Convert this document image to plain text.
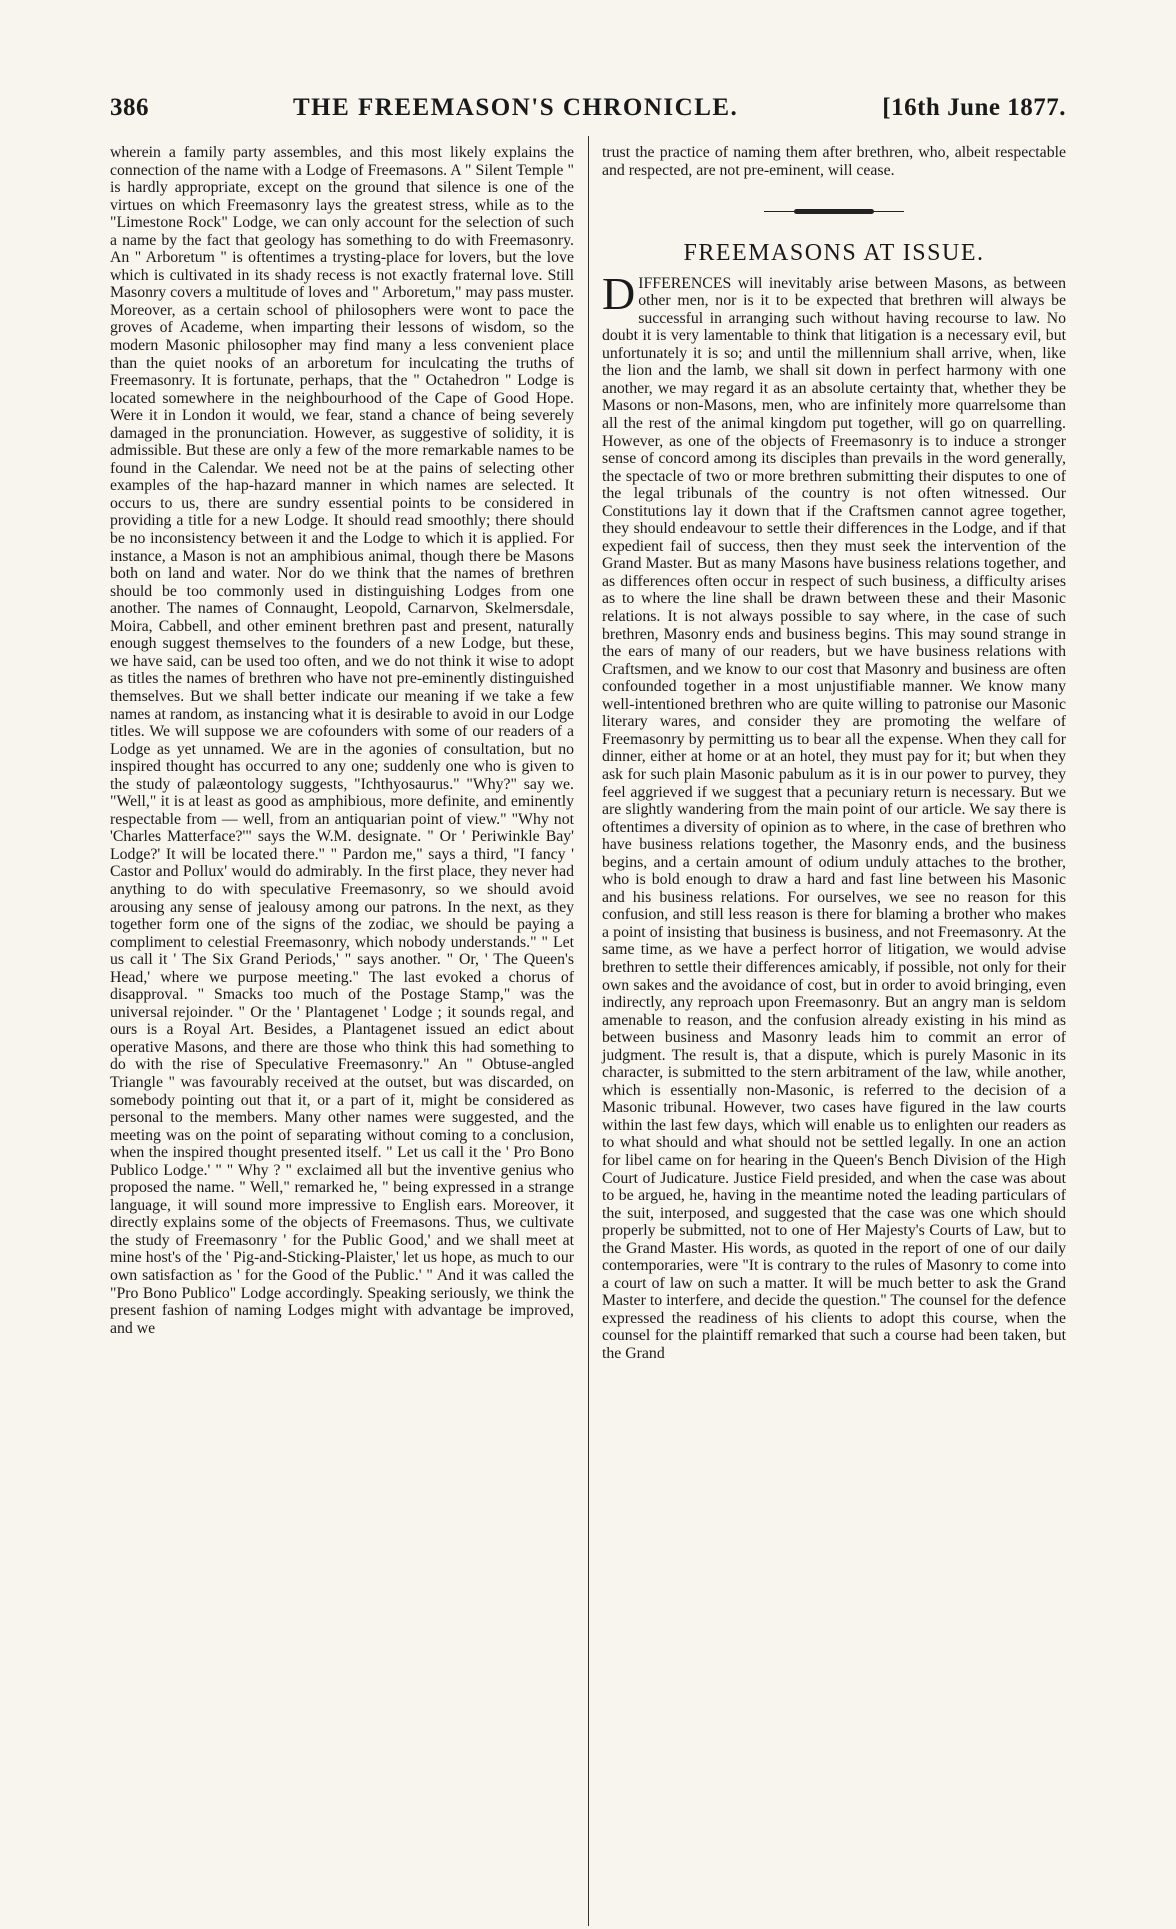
386	THE FREEMASON'S CHRONICLE.	[16th June 1877.

wherein a family party assembles, and this most likely explains the connection of the name with a Lodge of Freemasons. A " Silent Temple " is hardly appropriate, except on the ground that silence is one of the virtues on which Freemasonry lays the greatest stress, while as to the "Limestone Rock" Lodge, we can only account for the selection of such a name by the fact that geology has something to do with Freemasonry. An " Arboretum " is oftentimes a trysting-place for lovers, but the love which is cultivated in its shady recess is not exactly fraternal love. Still Masonry covers a multitude of loves and " Arboretum," may pass muster. Moreover, as a certain school of philosophers were wont to pace the groves of Academe, when imparting their lessons of wisdom, so the modern Masonic philosopher may find many a less convenient place than the quiet nooks of an arboretum for inculcating the truths of Freemasonry. It is fortunate, perhaps, that the " Octahedron " Lodge is located somewhere in the neighbourhood of the Cape of Good Hope. Were it in London it would, we fear, stand a chance of being severely damaged in the pronunciation. However, as suggestive of solidity, it is admissible. But these are only a few of the more remarkable names to be found in the Calendar. We need not be at the pains of selecting other examples of the hap-hazard manner in which names are selected. It occurs to us, there are sundry essential points to be considered in providing a title for a new Lodge. It should read smoothly; there should be no inconsistency between it and the Lodge to which it is applied. For instance, a Mason is not an amphibious animal, though there be Masons both on land and water. Nor do we think that the names of brethren should be too commonly used in distinguishing Lodges from one another. The names of Connaught, Leopold, Carnarvon, Skelmersdale, Moira, Cabbell, and other eminent brethren past and present, naturally enough suggest themselves to the founders of a new Lodge, but these, we have said, can be used too often, and we do not think it wise to adopt as titles the names of brethren who have not pre-eminently distinguished themselves. But we shall better indicate our meaning if we take a few names at random, as instancing what it is desirable to avoid in our Lodge titles. We will suppose we are cofounders with some of our readers of a Lodge as yet unnamed. We are in the agonies of consultation, but no inspired thought has occurred to any one; suddenly one who is given to the study of palæontology suggests, "Ichthyosaurus." "Why?" say we. "Well," it is at least as good as amphibious, more definite, and eminently respectable from — well, from an antiquarian point of view." "Why not 'Charles Matterface?'" says the W.M. designate. " Or ' Periwinkle Bay' Lodge?' It will be located there." " Pardon me," says a third, "I fancy ' Castor and Pollux' would do admirably. In the first place, they never had anything to do with speculative Freemasonry, so we should avoid arousing any sense of jealousy among our patrons. In the next, as they together form one of the signs of the zodiac, we should be paying a compliment to celestial Freemasonry, which nobody understands." " Let us call it ' The Six Grand Periods,' " says another. " Or, ' The Queen's Head,' where we purpose meeting." The last evoked a chorus of disapproval. " Smacks too much of the Postage Stamp," was the universal rejoinder. " Or the ' Plantagenet ' Lodge ; it sounds regal, and ours is a Royal Art. Besides, a Plantagenet issued an edict about operative Masons, and there are those who think this had something to do with the rise of Speculative Freemasonry." An " Obtuse-angled Triangle " was favourably received at the outset, but was discarded, on somebody pointing out that it, or a part of it, might be considered as personal to the members. Many other names were suggested, and the meeting was on the point of separating without coming to a conclusion, when the inspired thought presented itself. " Let us call it the ' Pro Bono Publico Lodge.' " " Why ? " exclaimed all but the inventive genius who proposed the name. " Well," remarked he, " being expressed in a strange language, it will sound more impressive to English ears. Moreover, it directly explains some of the objects of Freemasons. Thus, we cultivate the study of Freemasonry ' for the Public Good,' and we shall meet at mine host's of the ' Pig-and-Sticking-Plaister,' let us hope, as much to our own satisfaction as ' for the Good of the Public.' " And it was called the "Pro Bono Publico" Lodge accordingly. Speaking seriously, we think the present fashion of naming Lodges might with advantage be improved, and we

trust the practice of naming them after brethren, who, albeit respectable and respected, are not pre-eminent, will cease.

FREEMASONS AT ISSUE.

DIFFERENCES will inevitably arise between Masons, as between other men, nor is it to be expected that brethren will always be successful in arranging such without having recourse to law. No doubt it is very lamentable to think that litigation is a necessary evil, but unfortunately it is so; and until the millennium shall arrive, when, like the lion and the lamb, we shall sit down in perfect harmony with one another, we may regard it as an absolute certainty that, whether they be Masons or non-Masons, men, who are infinitely more quarrelsome than all the rest of the animal kingdom put together, will go on quarrelling. However, as one of the objects of Freemasonry is to induce a stronger sense of concord among its disciples than prevails in the word generally, the spectacle of two or more brethren submitting their disputes to one of the legal tribunals of the country is not often witnessed. Our Constitutions lay it down that if the Craftsmen cannot agree together, they should endeavour to settle their differences in the Lodge, and if that expedient fail of success, then they must seek the intervention of the Grand Master. But as many Masons have business relations together, and as differences often occur in respect of such business, a difficulty arises as to where the line shall be drawn between these and their Masonic relations. It is not always possible to say where, in the case of such brethren, Masonry ends and business begins. This may sound strange in the ears of many of our readers, but we have business relations with Craftsmen, and we know to our cost that Masonry and business are often confounded together in a most unjustifiable manner. We know many well-intentioned brethren who are quite willing to patronise our Masonic literary wares, and consider they are promoting the welfare of Freemasonry by permitting us to bear all the expense. When they call for dinner, either at home or at an hotel, they must pay for it; but when they ask for such plain Masonic pabulum as it is in our power to purvey, they feel aggrieved if we suggest that a pecuniary return is necessary. But we are slightly wandering from the main point of our article. We say there is oftentimes a diversity of opinion as to where, in the case of brethren who have business relations together, the Masonry ends, and the business begins, and a certain amount of odium unduly attaches to the brother, who is bold enough to draw a hard and fast line between his Masonic and his business relations. For ourselves, we see no reason for this confusion, and still less reason is there for blaming a brother who makes a point of insisting that business is business, and not Freemasonry. At the same time, as we have a perfect horror of litigation, we would advise brethren to settle their differences amicably, if possible, not only for their own sakes and the avoidance of cost, but in order to avoid bringing, even indirectly, any reproach upon Freemasonry. But an angry man is seldom amenable to reason, and the confusion already existing in his mind as between business and Masonry leads him to commit an error of judgment. The result is, that a dispute, which is purely Masonic in its character, is submitted to the stern arbitrament of the law, while another, which is essentially non-Masonic, is referred to the decision of a Masonic tribunal. However, two cases have figured in the law courts within the last few days, which will enable us to enlighten our readers as to what should and what should not be settled legally. In one an action for libel came on for hearing in the Queen's Bench Division of the High Court of Judicature. Justice Field presided, and when the case was about to be argued, he, having in the meantime noted the leading particulars of the suit, interposed, and suggested that the case was one which should properly be submitted, not to one of Her Majesty's Courts of Law, but to the Grand Master. His words, as quoted in the report of one of our daily contemporaries, were "It is contrary to the rules of Masonry to come into a court of law on such a matter. It will be much better to ask the Grand Master to interfere, and decide the question." The counsel for the defence expressed the readiness of his clients to adopt this course, when the counsel for the plaintiff remarked that such a course had been taken, but the Grand
